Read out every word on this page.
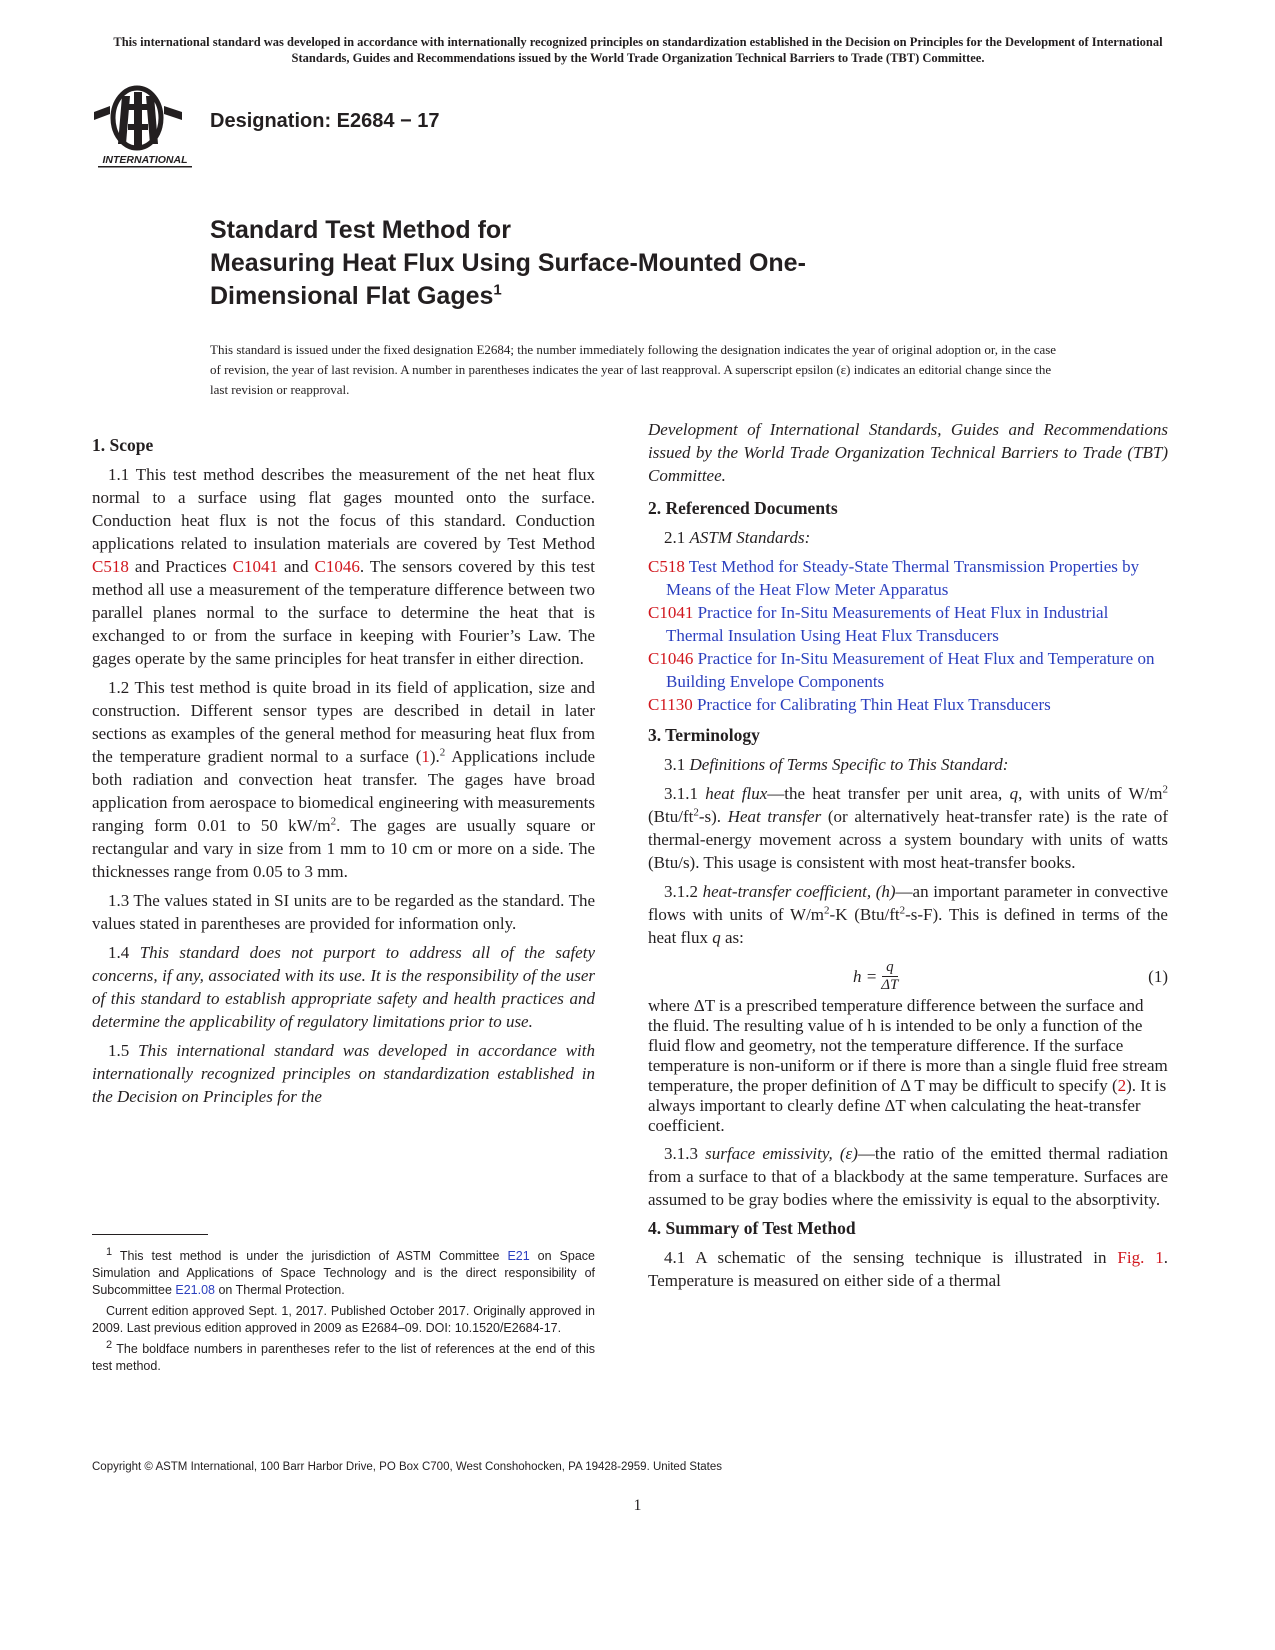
This international standard was developed in accordance with internationally recognized principles on standardization established in the Decision on Principles for the Development of International Standards, Guides and Recommendations issued by the World Trade Organization Technical Barriers to Trade (TBT) Committee.
INTERNATIONAL
Designation: E2684 − 17
Standard Test Method for
Measuring Heat Flux Using Surface-Mounted One-
Dimensional Flat Gages$^1$
This standard is issued under the fixed designation E2684; the number immediately following the designation indicates the year of original adoption or, in the case of revision, the year of last revision. A number in parentheses indicates the year of last reapproval. A superscript epsilon (ε) indicates an editorial change since the last revision or reapproval.
1. Scope

1.1 This test method describes the measurement of the net heat flux normal to a surface using flat gages mounted onto the surface. Conduction heat flux is not the focus of this standard. Conduction applications related to insulation materials are covered by Test Method C518 and Practices C1041 and C1046. The sensors covered by this test method all use a measurement of the temperature difference between two parallel planes normal to the surface to determine the heat that is exchanged to or from the surface in keeping with Fourier’s Law. The gages operate by the same principles for heat transfer in either direction.

1.2 This test method is quite broad in its field of application, size and construction. Different sensor types are described in detail in later sections as examples of the general method for measuring heat flux from the temperature gradient normal to a surface (1).$^2$ Applications include both radiation and convection heat transfer. The gages have broad application from aerospace to biomedical engineering with measurements ranging form 0.01 to 50 $kW/m^2$. The gages are usually square or rectangular and vary in size from 1 mm to 10 cm or more on a side. The thicknesses range from 0.05 to 3 mm.

1.3 The values stated in SI units are to be regarded as the standard. The values stated in parentheses are provided for information only.

1.4 This standard does not purport to address all of the safety concerns, if any, associated with its use. It is the responsibility of the user of this standard to establish appropriate safety and health practices and determine the applicability of regulatory limitations prior to use.

1.5 This international standard was developed in accordance with internationally recognized principles on standardization established in the Decision on Principles for the

$^1$ This test method is under the jurisdiction of ASTM Committee E21 on Space Simulation and Applications of Space Technology and is the direct responsibility of Subcommittee E21.08 on Thermal Protection.

Current edition approved Sept. 1, 2017. Published October 2017. Originally approved in 2009. Last previous edition approved in 2009 as E2684–09. DOI: 10.1520/E2684-17.

$^2$ The boldface numbers in parentheses refer to the list of references at the end of this test method.

Development of International Standards, Guides and Recommendations issued by the World Trade Organization Technical Barriers to Trade (TBT) Committee.

2. Referenced Documents

2.1 ASTM Standards:

C518 Test Method for Steady-State Thermal Transmission Properties by Means of the Heat Flow Meter Apparatus
C1041 Practice for In-Situ Measurements of Heat Flux in Industrial Thermal Insulation Using Heat Flux Transducers
C1046 Practice for In-Situ Measurement of Heat Flux and Temperature on Building Envelope Components
C1130 Practice for Calibrating Thin Heat Flux Transducers
3. Terminology

3.1 Definitions of Terms Specific to This Standard:

3.1.1 heat flux—the heat transfer per unit area, q, with units of $W/m^2$ $(Btu/ft^2-s)$. Heat transfer (or alternatively heat-transfer rate) is the rate of thermal-energy movement across a system boundary with units of watts (Btu/s). This usage is consistent with most heat-transfer books.

3.1.2 heat-transfer coefficient, (h)—an important parameter in convective flows with units of $W/m^2-K$ $(Btu/ft^2-s-F)$. This is defined in terms of the heat flux q as:

$h = \frac{q}{\Delta T}$	(1)

where ΔT is a prescribed temperature difference between the surface and the fluid. The resulting value of h is intended to be only a function of the fluid flow and geometry, not the temperature difference. If the surface temperature is non-uniform or if there is more than a single fluid free stream temperature, the proper definition of Δ T may be difficult to specify (2). It is always important to clearly define ΔT when calculating the heat-transfer coefficient.

3.1.3 surface emissivity, (ε)—the ratio of the emitted thermal radiation from a surface to that of a blackbody at the same temperature. Surfaces are assumed to be gray bodies where the emissivity is equal to the absorptivity.

4. Summary of Test Method

4.1 A schematic of the sensing technique is illustrated in Fig. 1. Temperature is measured on either side of a thermal

Copyright © ASTM International, 100 Barr Harbor Drive, PO Box C700, West Conshohocken, PA 19428-2959. United States
1
